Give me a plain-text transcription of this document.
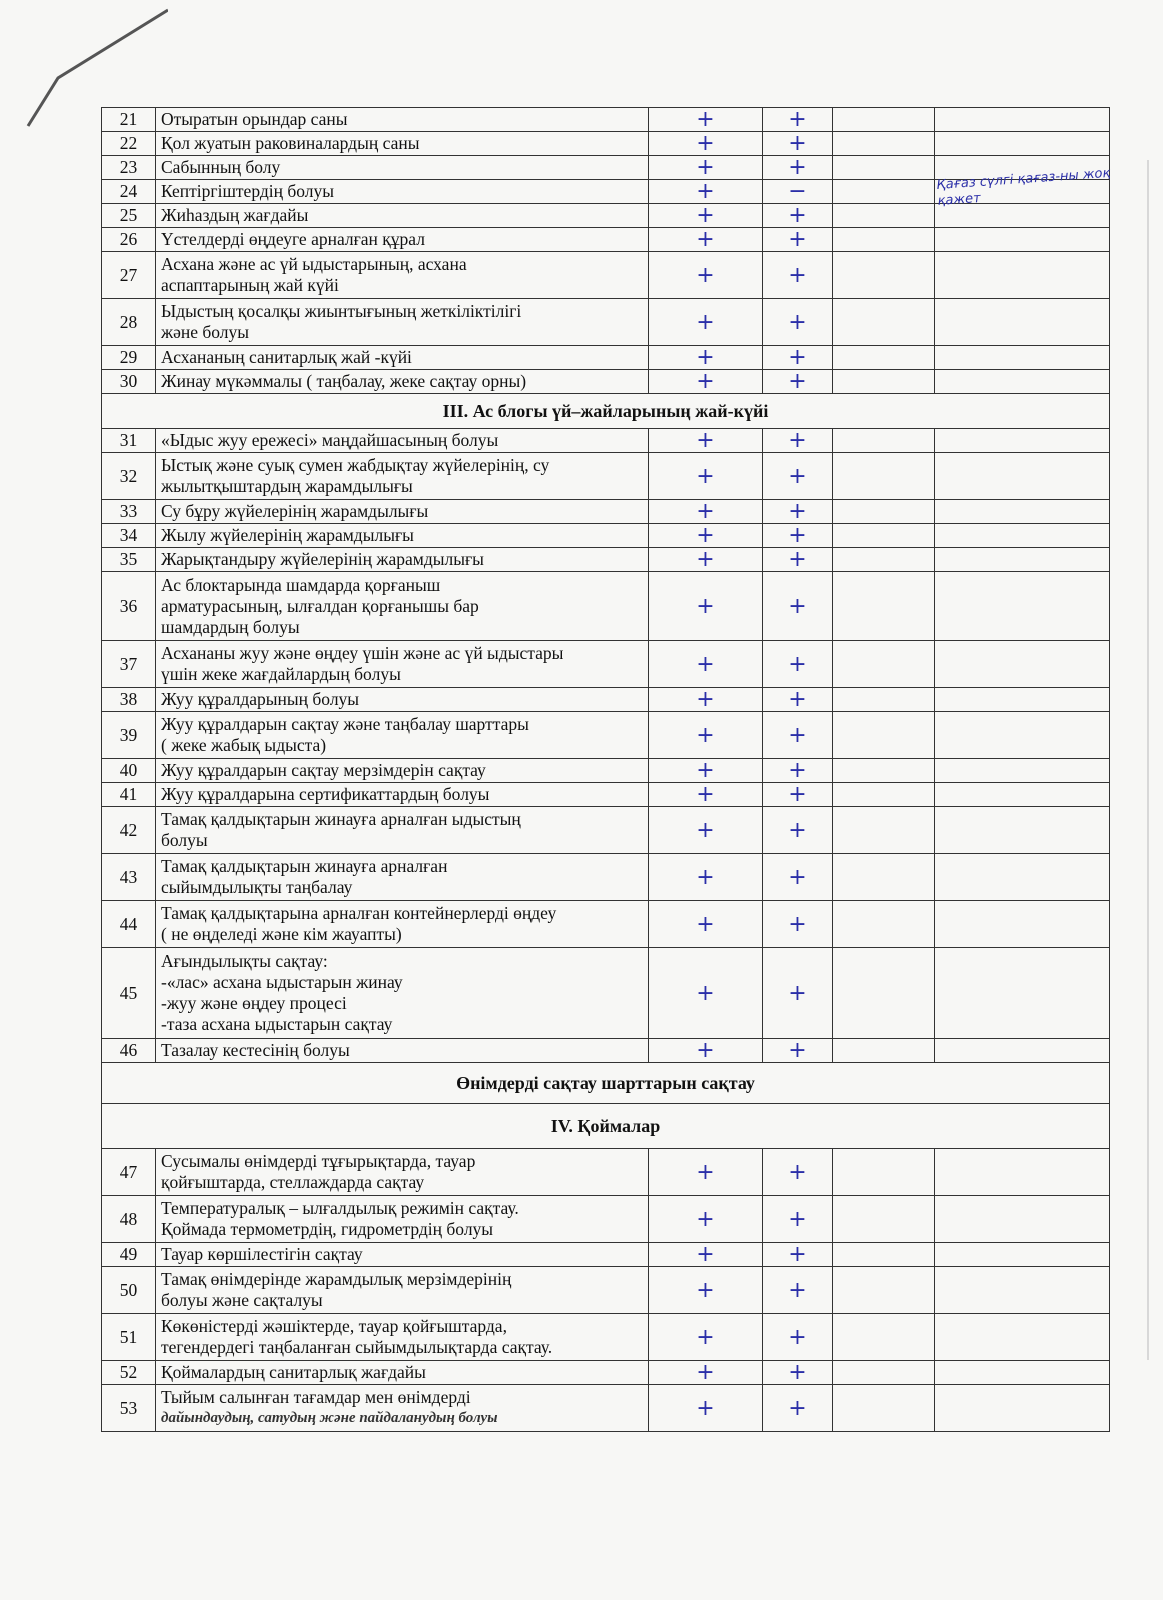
21	Отыратын орындар саны	+	+		
22	Қол жуатын раковиналардың саны	+	+		
23	Сабынның болу	+	+		
24	Кептіргіштердің болуы	+	−		
25	Жиһаздың жағдайы	+	+		
26	Үстелдерді өңдеуге арналған құрал	+	+		
27	Асхана және ас үй ыдыстарының, асхана
аспаптарының жай күйі	+	+		
28	Ыдыстың қосалқы жиынтығының жеткіліктілігі
және болуы	+	+		
29	Асхананың санитарлық жай -күйі	+	+		
30	Жинау мүкәммалы ( таңбалау, жеке сақтау орны)	+	+		
III. Ас блогы үй–жайларының жай-күйі					
31	«Ыдыс жуу ережесі» маңдайшасының болуы	+	+		
32	Ыстық және суық сумен жабдықтау жүйелерінің, су
жылытқыштардың жарамдылығы	+	+		
33	Су бұру жүйелерінің жарамдылығы	+	+		
34	Жылу жүйелерінің жарамдылығы	+	+		
35	Жарықтандыру жүйелерінің жарамдылығы	+	+		
36	Ас блоктарында шамдарда қорғаныш
арматурасының, ылғалдан қорғанышы бар
шамдардың болуы	+	+		
37	Асхананы жуу және өңдеу үшін және ас үй ыдыстары
үшін жеке жағдайлардың болуы	+	+		
38	Жуу құралдарының болуы	+	+		
39	Жуу құралдарын сақтау және таңбалау шарттары
( жеке жабық ыдыста)	+	+		
40	Жуу құралдарын сақтау мерзімдерін сақтау	+	+		
41	Жуу құралдарына сертификаттардың болуы	+	+		
42	Тамақ қалдықтарын жинауға арналған ыдыстың
болуы	+	+		
43	Тамақ қалдықтарын жинауға арналған
сыйымдылықты таңбалау	+	+		
44	Тамақ қалдықтарына арналған контейнерлерді өңдеу
( не өңделеді және кім жауапты)	+	+		
45	Ағындылықты сақтау:
-«лас» асхана ыдыстарын жинау
-жуу және өңдеу процесі
-таза асхана ыдыстарын сақтау	+	+		
46	Тазалау кестесінің болуы	+	+		
Өнімдерді сақтау шарттарын сақтау					
IV. Қоймалар					
47	Сусымалы өнімдерді тұғырықтарда, тауар
қойғыштарда, стеллаждарда сақтау	+	+		
48	Температуралық – ылғалдылық режимін сақтау.
Қоймада термометрдің, гидрометрдің болуы	+	+		
49	Тауар көршілестігін сақтау	+	+		
50	Тамақ өнімдерінде жарамдылық мерзімдерінің
болуы және сақталуы	+	+		
51	Көкөністерді жәшіктерде, тауар қойғыштарда,
тегендердегі таңбаланған сыйымдылықтарда сақтау.	+	+		
52	Қоймалардың санитарлық жағдайы	+	+		
53	Тыйым салынған тағамдар мен өнімдерді
дайындаудың, сатудың және пайдаланудың болуы	+	+		
Қағаз сүлгі қағаз-ны жоқ қажет
